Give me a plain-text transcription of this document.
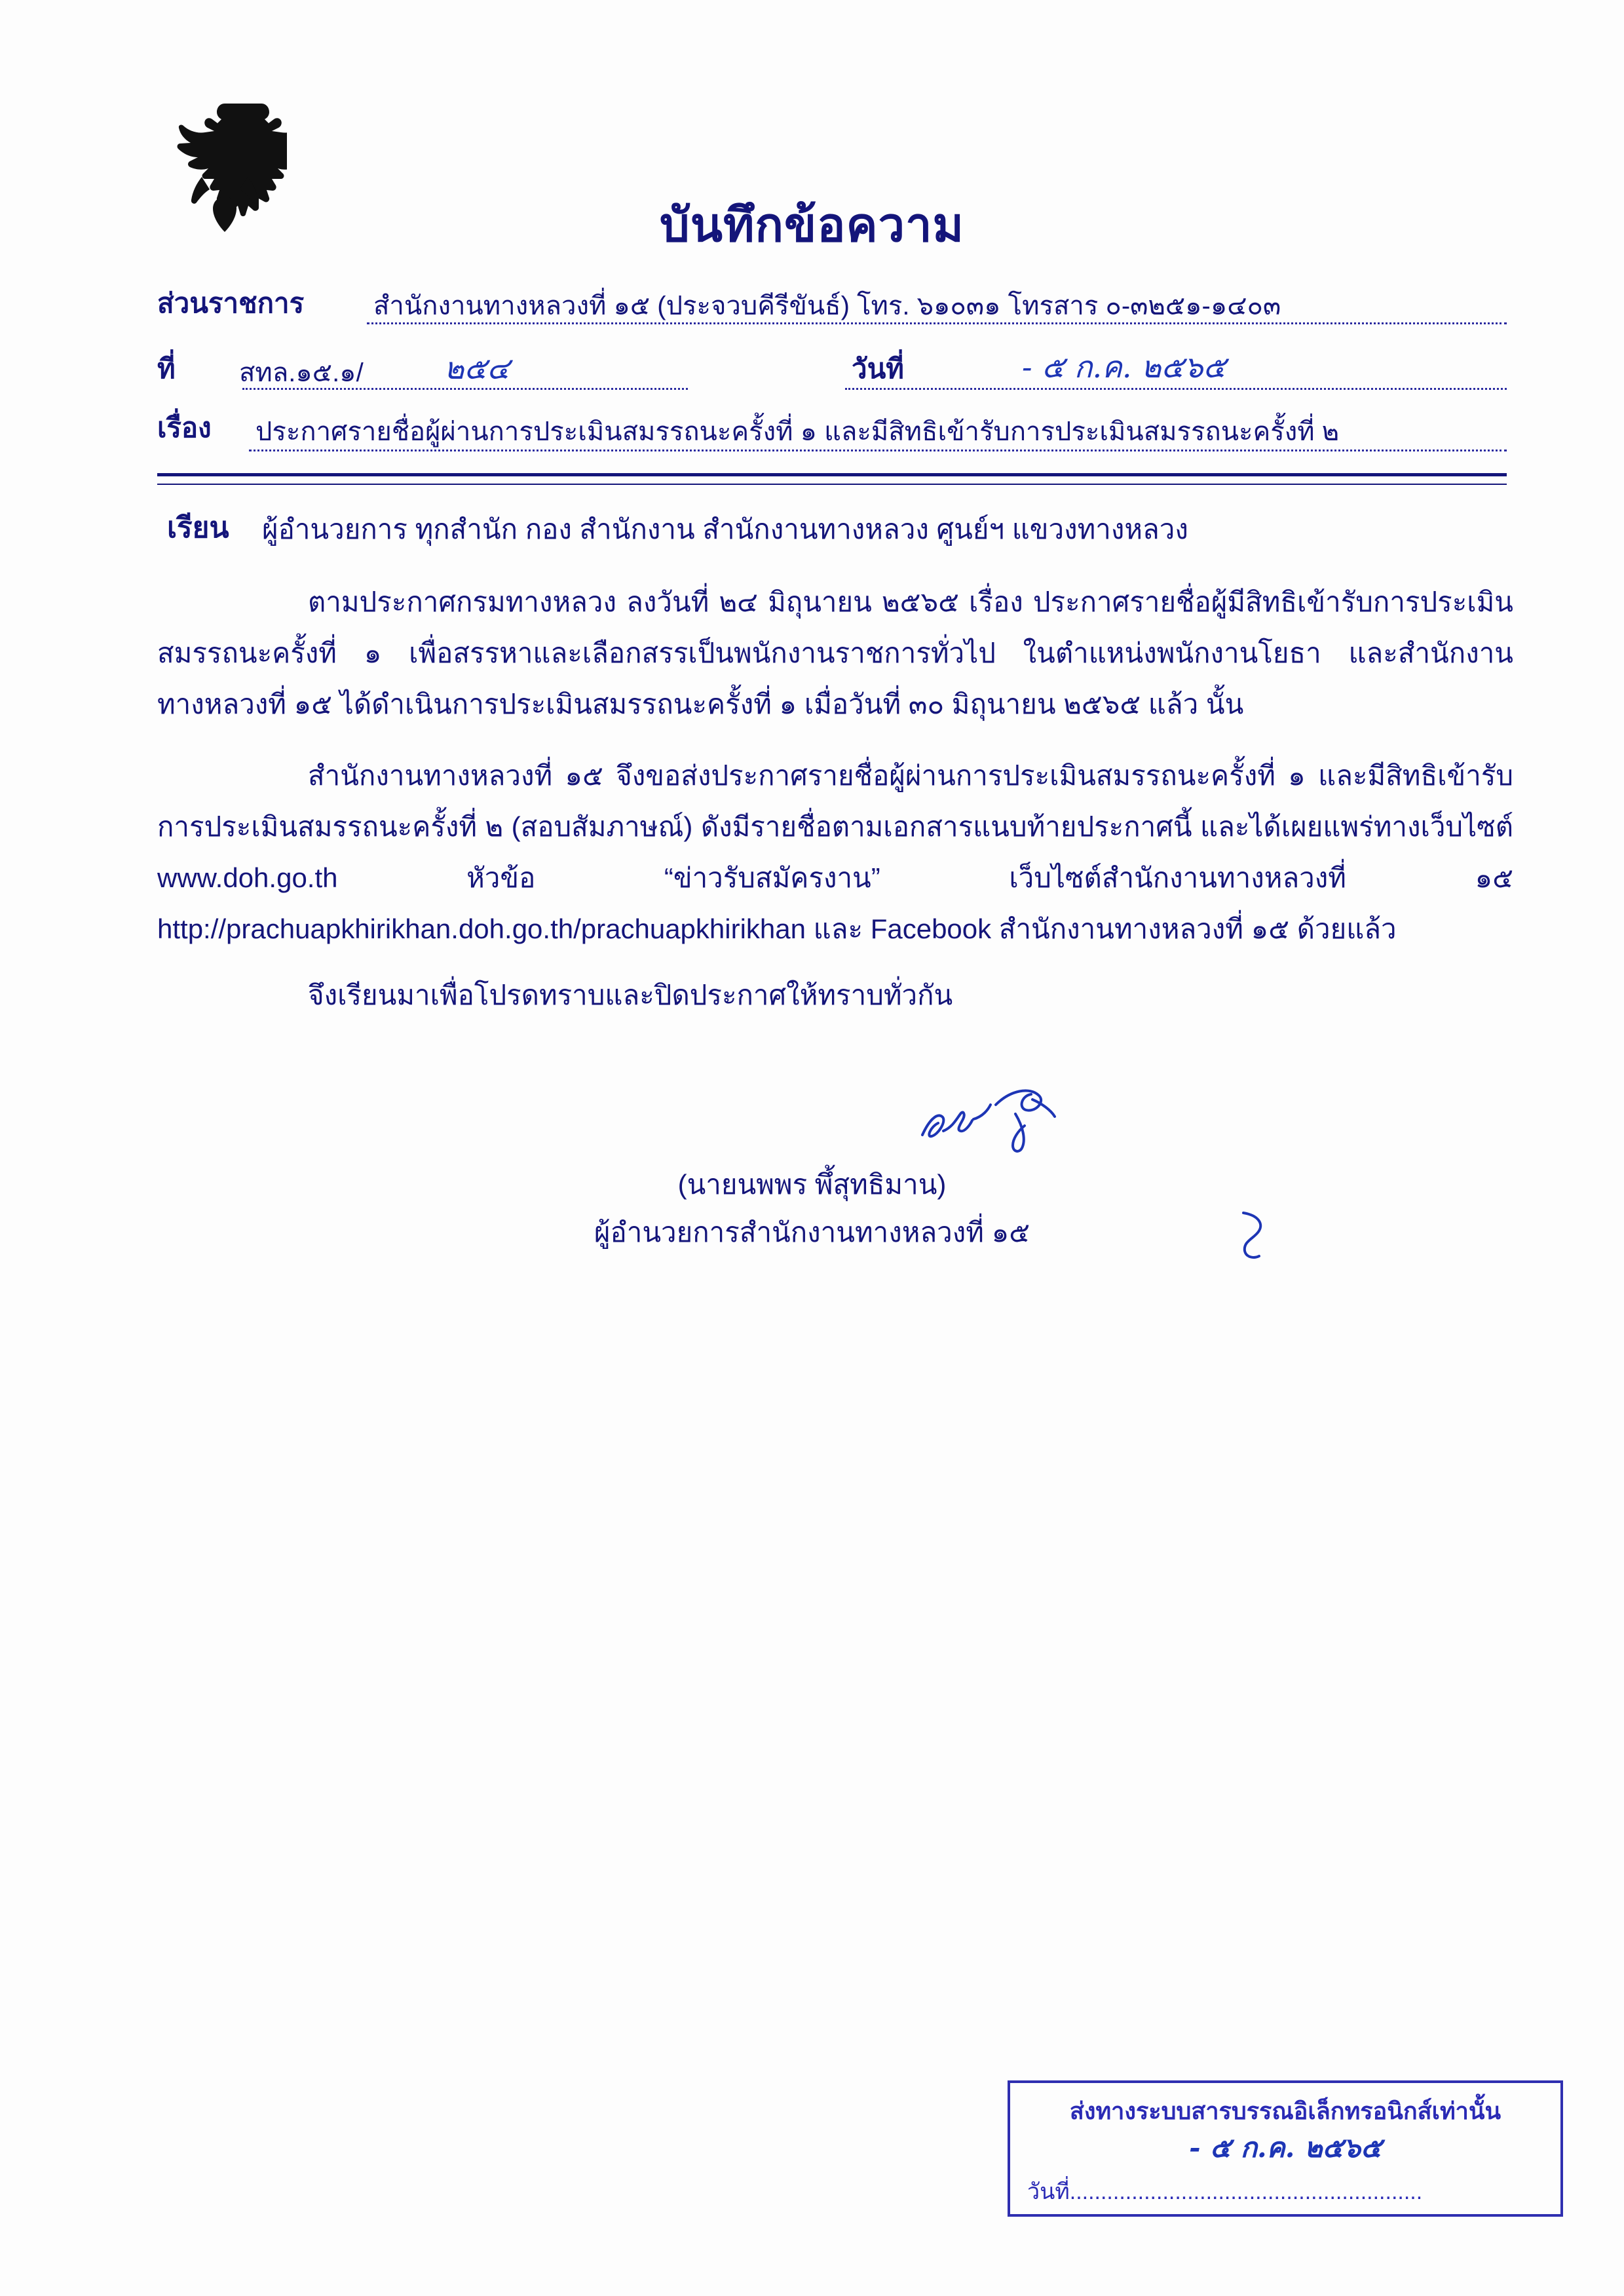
บันทึกข้อความ
ส่วนราชการ	สำนักงานทางหลวงที่ ๑๕ (ประจวบคีรีขันธ์) โทร. ๖๑๐๓๑ โทรสาร ๐-๓๒๕๑-๑๔๐๓
ที่ สทล.๑๕.๑/	๒๕๔	วันที่	- ๕ ก.ค. ๒๕๖๕
เรื่อง ประกาศรายชื่อผู้ผ่านการประเมินสมรรถนะครั้งที่ ๑ และมีสิทธิเข้ารับการประเมินสมรรถนะครั้งที่ ๒
เรียน ผู้อำนวยการ ทุกสำนัก กอง สำนักงาน สำนักงานทางหลวง ศูนย์ฯ แขวงทางหลวง
ตามประกาศกรมทางหลวง ลงวันที่ ๒๔ มิถุนายน ๒๕๖๕ เรื่อง ประกาศรายชื่อผู้มีสิทธิเข้ารับการประเมินสมรรถนะครั้งที่ ๑ เพื่อสรรหาและเลือกสรรเป็นพนักงานราชการทั่วไป ในตำแหน่งพนักงานโยธา และสำนักงานทางหลวงที่ ๑๕ ได้ดำเนินการประเมินสมรรถนะครั้งที่ ๑ เมื่อวันที่ ๓๐ มิถุนายน ๒๕๖๕ แล้ว นั้น
สำนักงานทางหลวงที่ ๑๕ จึงขอส่งประกาศรายชื่อผู้ผ่านการประเมินสมรรถนะครั้งที่ ๑ และมีสิทธิเข้ารับการประเมินสมรรถนะครั้งที่ ๒ (สอบสัมภาษณ์) ดังมีรายชื่อตามเอกสารแนบท้ายประกาศนี้ และได้เผยแพร่ทางเว็บไซต์ www.doh.go.th หัวข้อ “ข่าวรับสมัครงาน” เว็บไซต์สำนักงานทางหลวงที่ ๑๕ http://prachuapkhirikhan.doh.go.th/prachuapkhirikhan และ Facebook สำนักงานทางหลวงที่ ๑๕ ด้วยแล้ว
จึงเรียนมาเพื่อโปรดทราบและปิดประกาศให้ทราบทั่วกัน
(นายนพพร พึ้สุทธิมาน)
ผู้อำนวยการสำนักงานทางหลวงที่ ๑๕
ส่งทางระบบสารบรรณอิเล็กทรอนิกส์เท่านั้น
- ๕ ก.ค. ๒๕๖๕
วันที่.........................................................
